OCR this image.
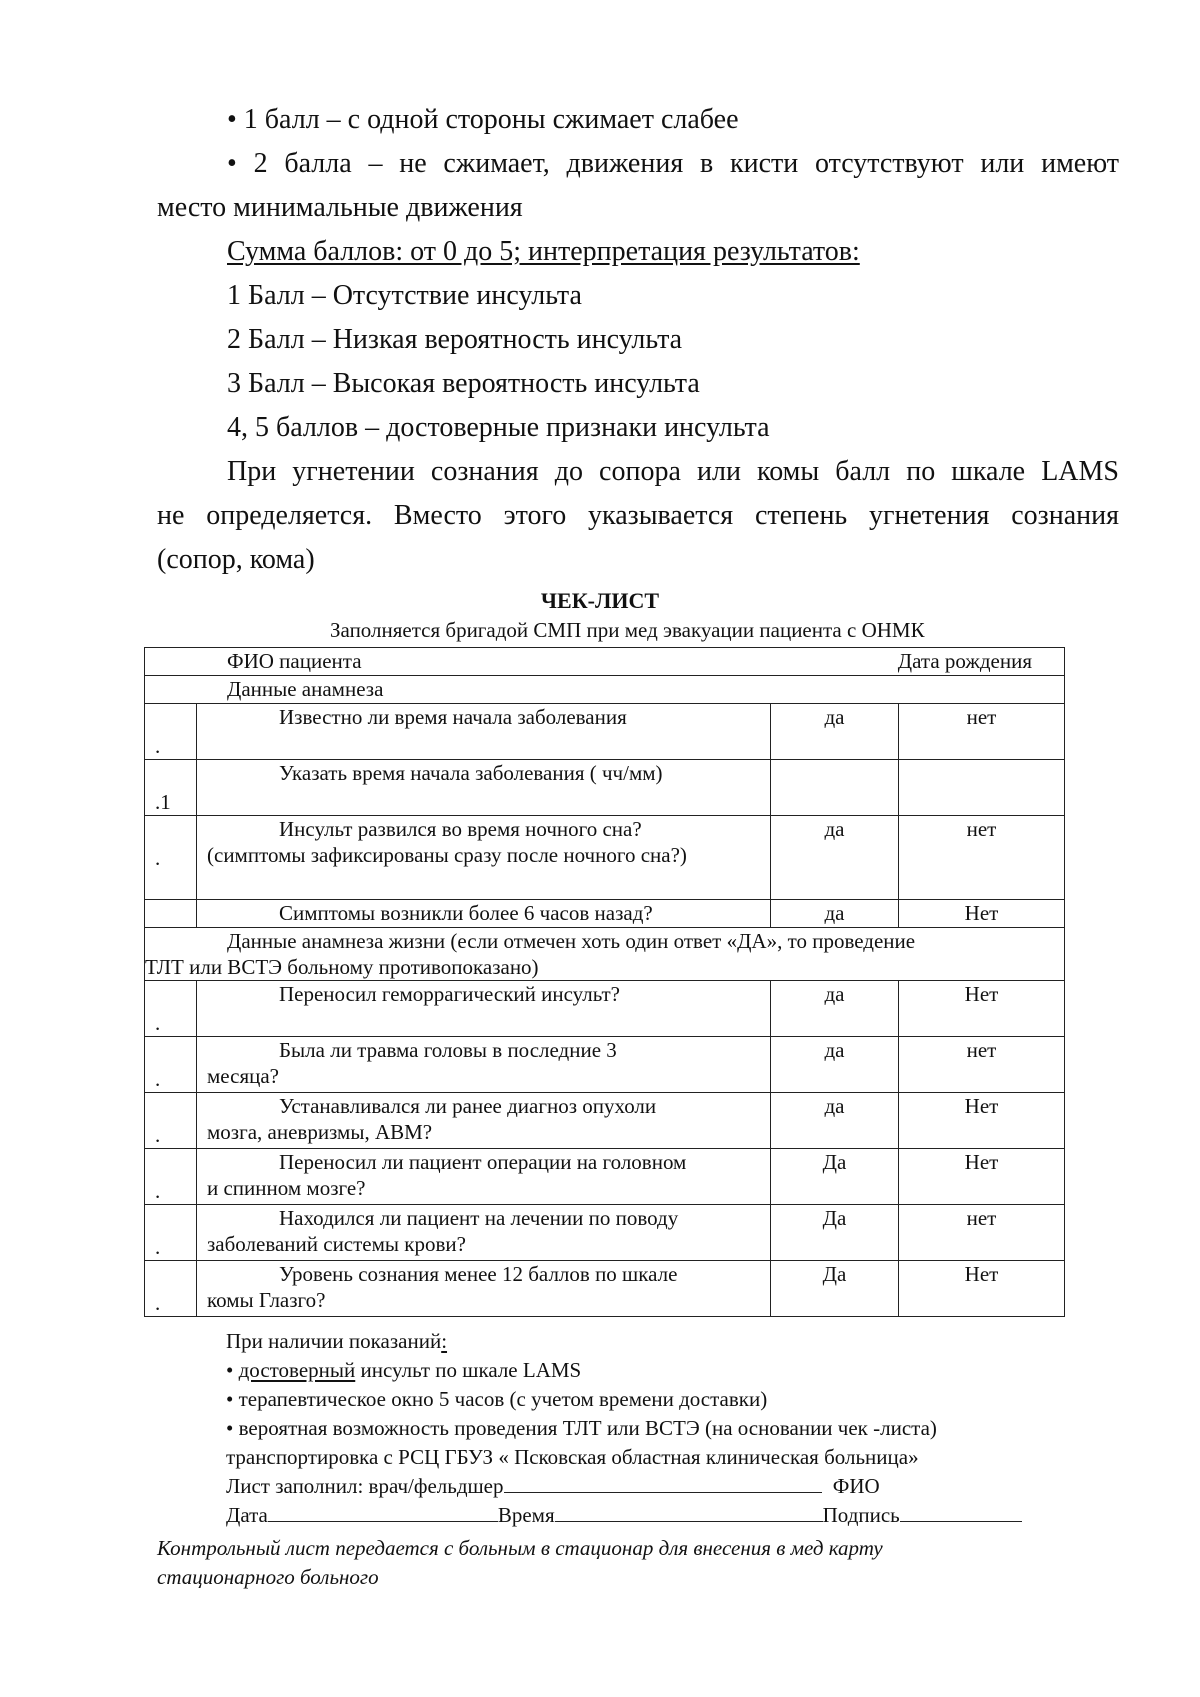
• 1 балл – с одной стороны сжимает слабее
• 2 балла – не сжимает, движения в кисти отсутствуют или имеют
место минимальные движения
Сумма баллов: от 0 до 5; интерпретация результатов:
1 Балл – Отсутствие инсульта
2 Балл – Низкая вероятность инсульта
3 Балл – Высокая вероятность инсульта
4, 5 баллов – достоверные признаки инсульта
При угнетении сознания до сопора или комы балл по шкале LAMS
не определяется. Вместо этого указывается степень угнетения сознания
(сопор, кома)
ЧЕК-ЛИСТ
Заполняется бригадой СМП при мед эвакуации пациента с ОНМК
ФИО пациента Дата рождения			

Данные анамнеза			
.	Известно ли время начала заболевания	да	нет
.1	Указать время начала заболевания ( чч/мм)		

.	Инсульт развился во время ночного сна?
(симптомы зафиксированы сразу после ночного сна?)	да	нет

	Симптомы возникли более 6 часов назад?	да	Нет

Данные анамнеза жизни (если отмечен хоть один ответ «ДА», то проведение
ТЛТ или ВСТЭ больному противопоказано)			

.	Переносил геморрагический инсульт?	да	Нет
.	Была ли травма головы в последние 3
месяца?	да	нет
.	Устанавливался ли ранее диагноз опухоли
мозга, аневризмы, АВМ?	да	Нет
.	Переносил ли пациент операции на головном
и спинном мозге?	Да	Нет
.	Находился ли пациент на лечении по поводу
заболеваний системы крови?	Да	нет
.	Уровень сознания менее 12 баллов по шкале
комы Глазго?	Да	Нет
При наличии показаний:
• достоверный инсульт по шкале LAMS
• терапевтическое окно 5 часов (с учетом времени доставки)
• вероятная возможность проведения ТЛТ или ВСТЭ (на основании чек -листа)
транспортировка с РСЦ ГБУЗ « Псковская областная клиническая больница»
Лист заполнил: врач/фельдшер	ФИО
Дата	Время	Подпись
Контрольный лист передается с больным в стационар для внесения в мед карту
стационарного больного
